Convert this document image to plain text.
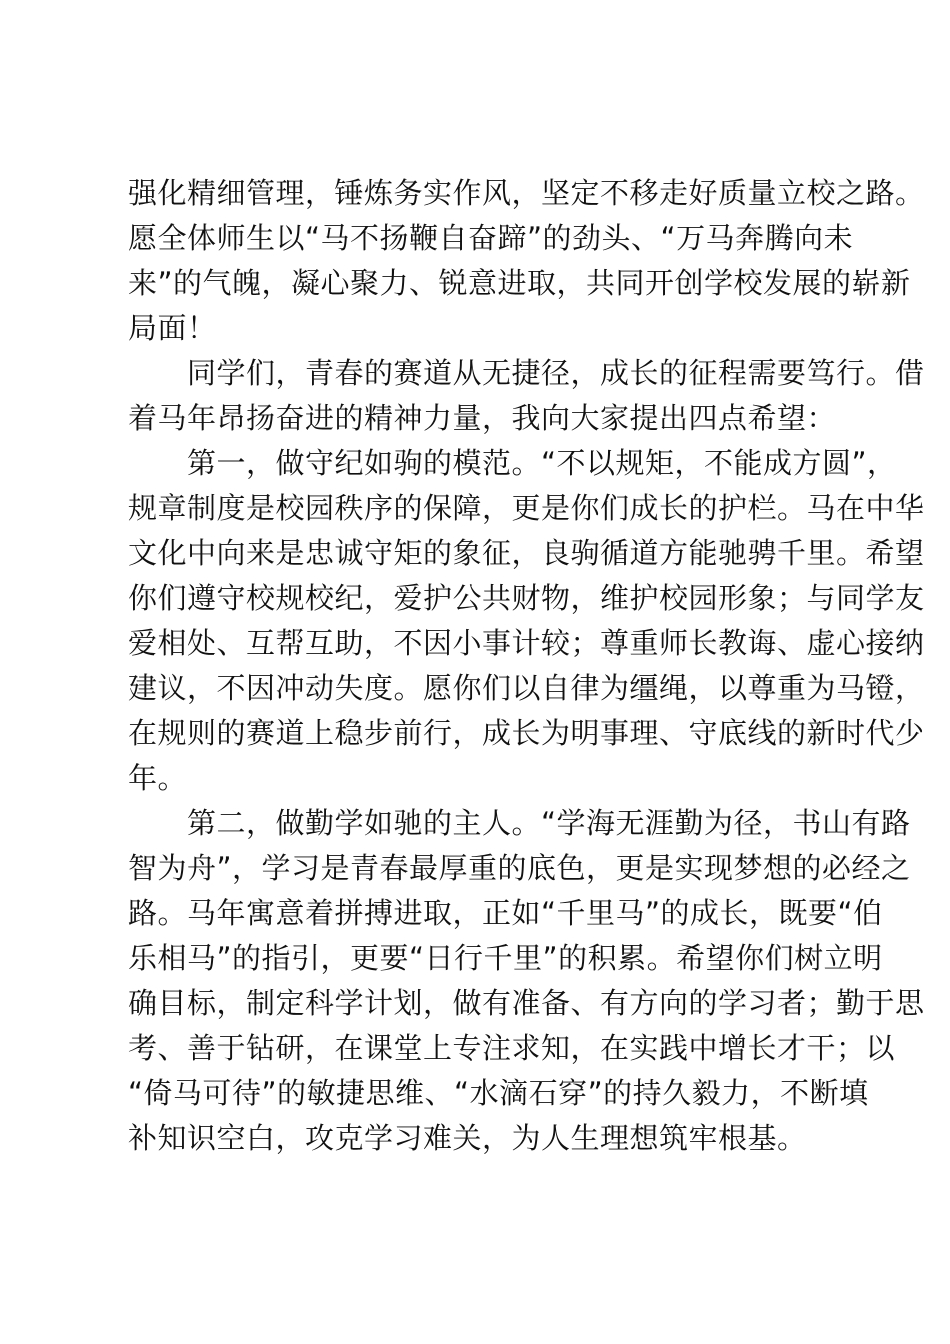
强化精细管理，锤炼务实作风，坚定不移走好质量立校之路。
愿全体师生以“马不扬鞭自奋蹄”的劲头、“万马奔腾向未
来”的气魄，凝心聚力、锐意进取，共同开创学校发展的崭新
局面！
　　同学们，青春的赛道从无捷径，成长的征程需要笃行。借
着马年昂扬奋进的精神力量，我向大家提出四点希望：
　　第一，做守纪如驹的模范。“不以规矩，不能成方圆”，
规章制度是校园秩序的保障，更是你们成长的护栏。马在中华
文化中向来是忠诚守矩的象征，良驹循道方能驰骋千里。希望
你们遵守校规校纪，爱护公共财物，维护校园形象；与同学友
爱相处、互帮互助，不因小事计较；尊重师长教诲、虚心接纳
建议，不因冲动失度。愿你们以自律为缰绳，以尊重为马镫，
在规则的赛道上稳步前行，成长为明事理、守底线的新时代少
年。
　　第二，做勤学如驰的主人。“学海无涯勤为径，书山有路
智为舟”，学习是青春最厚重的底色，更是实现梦想的必经之
路。马年寓意着拼搏进取，正如“千里马”的成长，既要“伯
乐相马”的指引，更要“日行千里”的积累。希望你们树立明
确目标，制定科学计划，做有准备、有方向的学习者；勤于思
考、善于钻研，在课堂上专注求知，在实践中增长才干；以
“倚马可待”的敏捷思维、“水滴石穿”的持久毅力，不断填
补知识空白，攻克学习难关，为人生理想筑牢根基。
